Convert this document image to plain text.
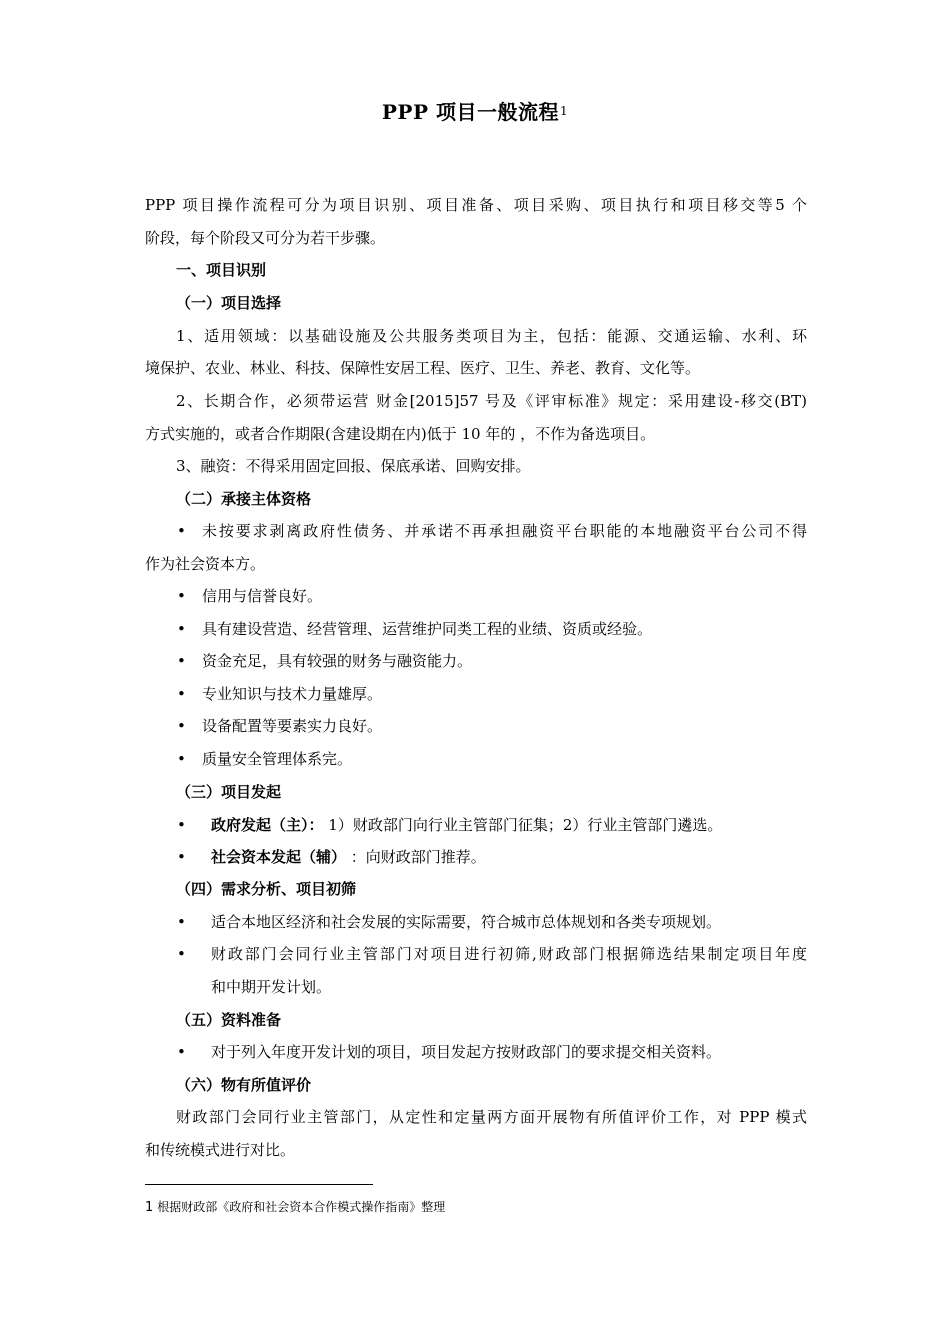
PPP 项目一般流程$^1$
PPP 项目操作流程可分为项目识别、项目准备、项目采购、项目执行和项目移交等5 个
阶段，每个阶段又可分为若干步骤。
一、项目识别
（一）项目选择
1、适用领域：以基础设施及公共服务类项目为主，包括：能源、交通运输、水利、环
境保护、农业、林业、科技、保障性安居工程、医疗、卫生、养老、教育、文化等。
2、长期合作，必须带运营 财金[2015]57 号及《评审标准》规定：采用建设-移交(BT)
方式实施的，或者合作期限(含建设期在内)低于 10 年的 ，不作为备选项目。
3、融资：不得采用固定回报、保底承诺、回购安排。
（二）承接主体资格
• 未按要求剥离政府性债务、并承诺不再承担融资平台职能的本地融资平台公司不得
作为社会资本方。
• 信用与信誉良好。
• 具有建设营造、经营管理、运营维护同类工程的业绩、资质或经验。
• 资金充足，具有较强的财务与融资能力。
• 专业知识与技术力量雄厚。
• 设备配置等要素实力良好。
• 质量安全管理体系完。
（三）项目发起
• 政府发起（主）： 1）财政部门向行业主管部门征集；2）行业主管部门遴选。
• 社会资本发起（辅） ：向财政部门推荐。
（四）需求分析、项目初筛
• 适合本地区经济和社会发展的实际需要，符合城市总体规划和各类专项规划。
• 财政部门会同行业主管部门对项目进行初筛,财政部门根据筛选结果制定项目年度
和中期开发计划。
（五）资料准备
• 对于列入年度开发计划的项目，项目发起方按财政部门的要求提交相关资料。
（六）物有所值评价
财政部门会同行业主管部门，从定性和定量两方面开展物有所值评价工作，对 PPP 模式
和传统模式进行对比。
1 根据财政部《政府和社会资本合作模式操作指南》整理
